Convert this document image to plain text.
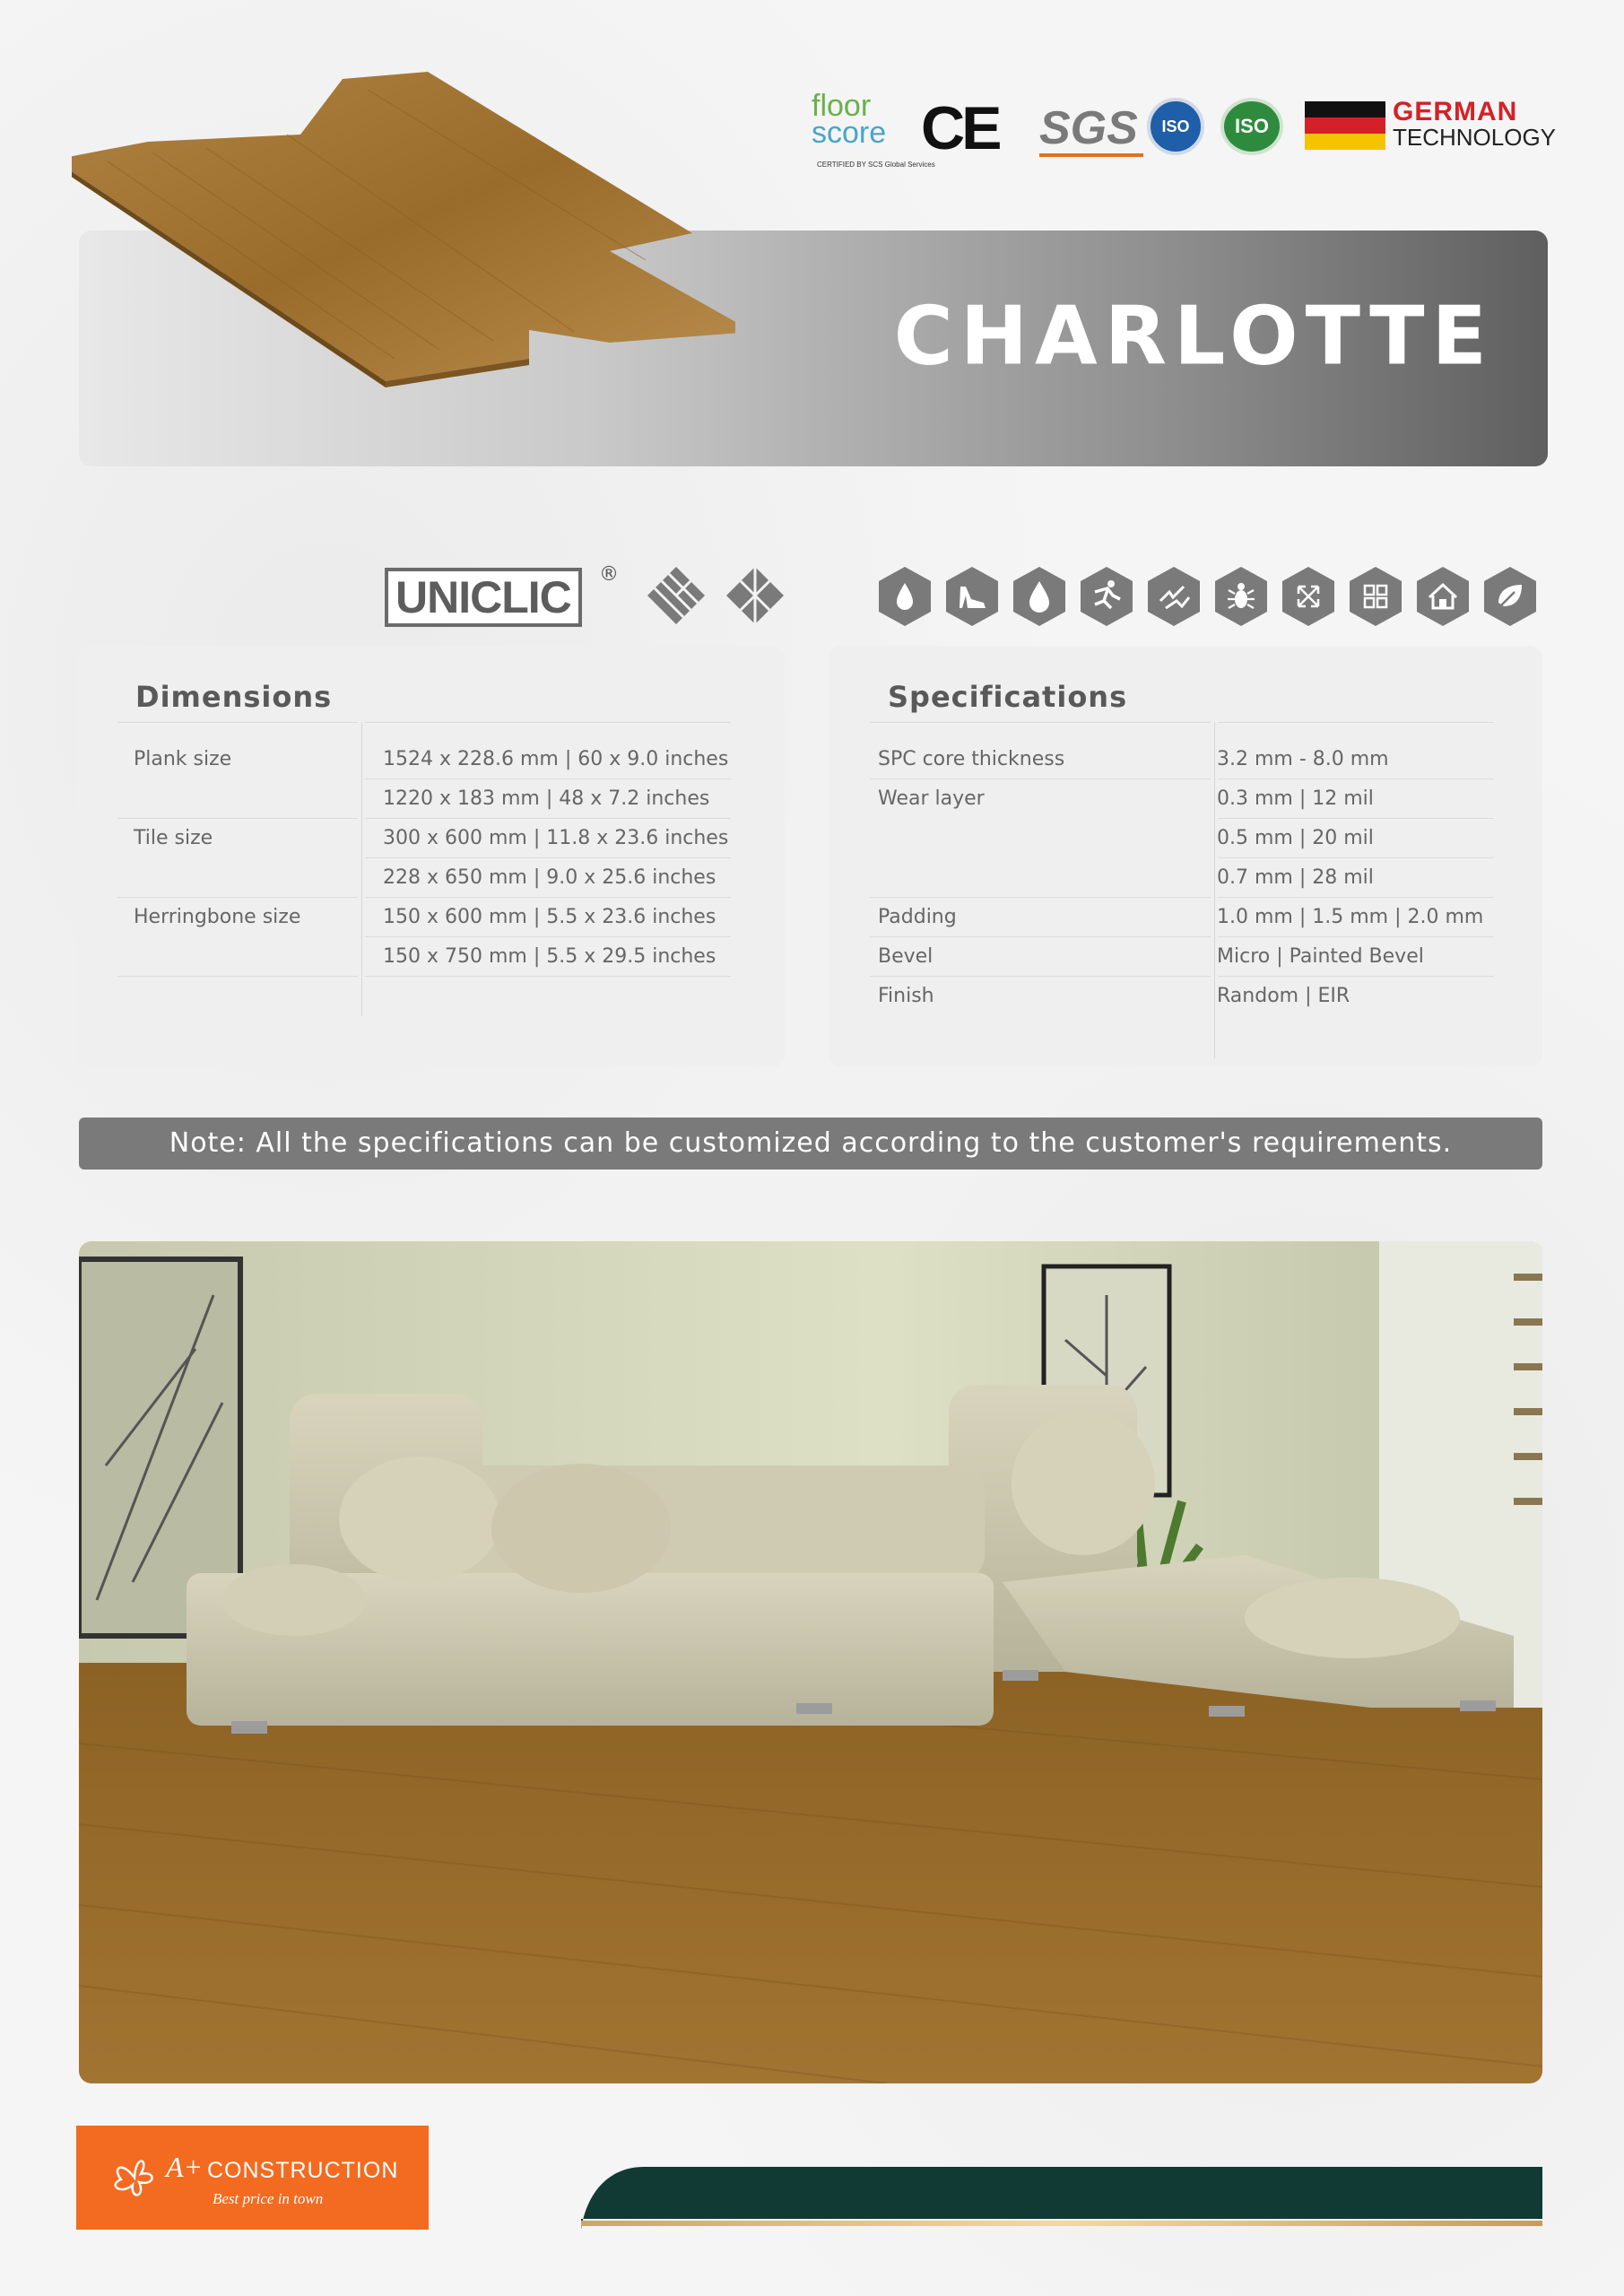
floor
score
CERTIFIED BY SCS Global Services
CE SGS	ISO	ISO	GERMAN
TECHNOLOGY
CHARLOTTE
UNICLIC	®
Dimensions
Plank size	1524 x 228.6 mm | 60 x 9.0 inches
1220 x 183 mm | 48 x 7.2 inches
Tile size	300 x 600 mm | 11.8 x 23.6 inches
228 x 650 mm | 9.0 x 25.6 inches
Herringbone size	150 x 600 mm | 5.5 x 23.6 inches
150 x 750 mm | 5.5 x 29.5 inches
Specifications
SPC core thickness	3.2 mm - 8.0 mm
Wear layer	0.3 mm | 12 mil
0.5 mm | 20 mil
0.7 mm | 28 mil
Padding	1.0 mm | 1.5 mm | 2.0 mm
Bevel	Micro | Painted Bevel
Finish	Random | EIR
Note: All the specifications can be customized according to the customer's requirements.
A+ CONSTRUCTION
Best price in town
